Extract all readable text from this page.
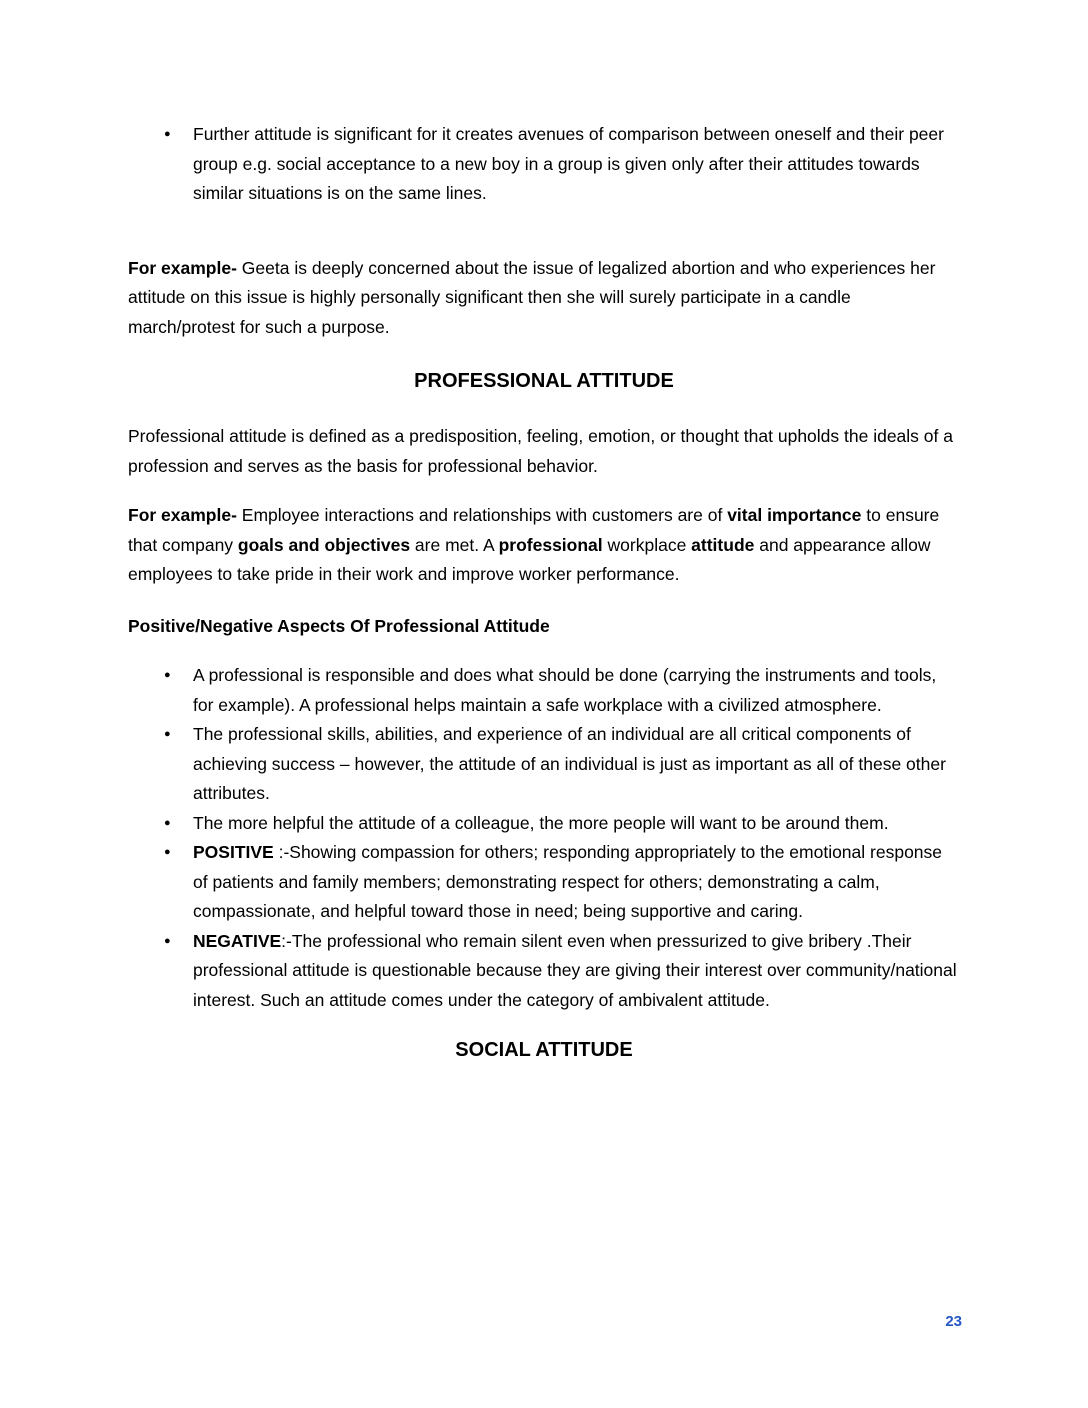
● Further attitude is significant for it creates avenues of comparison between oneself and their peer group e.g. social acceptance to a new boy in a group is given only after their attitudes towards similar situations is on the same lines.

For example- Geeta is deeply concerned about the issue of legalized abortion and who experiences her attitude on this issue is highly personally significant then she will surely participate in a candle march/protest for such a purpose.

PROFESSIONAL ATTITUDE

Professional attitude is defined as a predisposition, feeling, emotion, or thought that upholds the ideals of a profession and serves as the basis for professional behavior.

For example- Employee interactions and relationships with customers are of vital importance to ensure that company goals and objectives are met. A professional workplace attitude and appearance allow employees to take pride in their work and improve worker performance.

Positive/Negative Aspects Of Professional Attitude
● A professional is responsible and does what should be done (carrying the instruments and tools, for example). A professional helps maintain a safe workplace with a civilized atmosphere.
● The professional skills, abilities, and experience of an individual are all critical components of achieving success – however, the attitude of an individual is just as important as all of these other attributes.
● The more helpful the attitude of a colleague, the more people will want to be around them.
● POSITIVE :-Showing compassion for others; responding appropriately to the emotional response of patients and family members; demonstrating respect for others; demonstrating a calm, compassionate, and helpful toward those in need; being supportive and caring.
● NEGATIVE:-The professional who remain silent even when pressurized to give bribery .Their professional attitude is questionable because they are giving their interest over community/national interest. Such an attitude comes under the category of ambivalent attitude.
SOCIAL ATTITUDE
23
